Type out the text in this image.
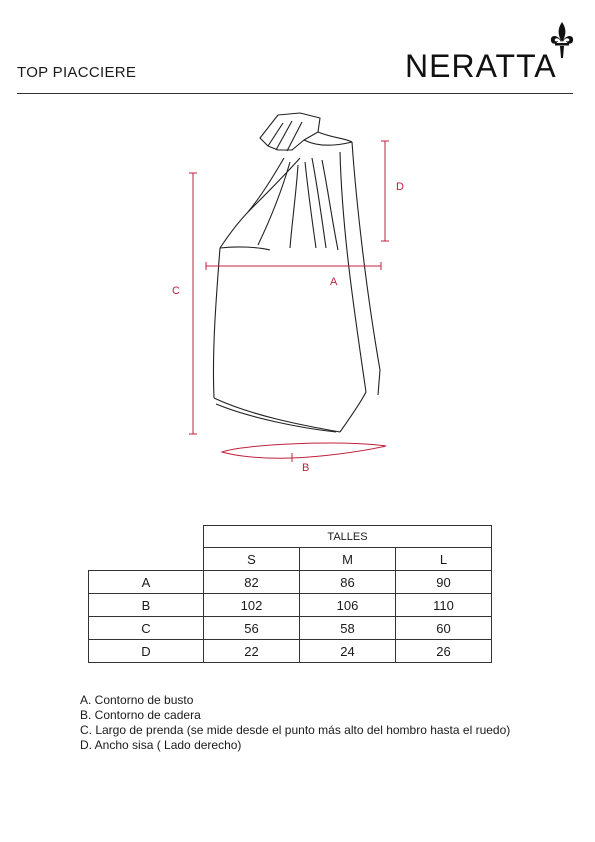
TOP PIACCIERE	NERATTA
A
B
C
D
	TALLES		
	S	M	L
A	82	86	90
B	102	106	110
C	56	58	60
D	22	24	26
A. Contorno de busto
B. Contorno de cadera
C. Largo de prenda (se mide desde el punto más alto del hombro hasta el ruedo)
D. Ancho sisa ( Lado derecho)
